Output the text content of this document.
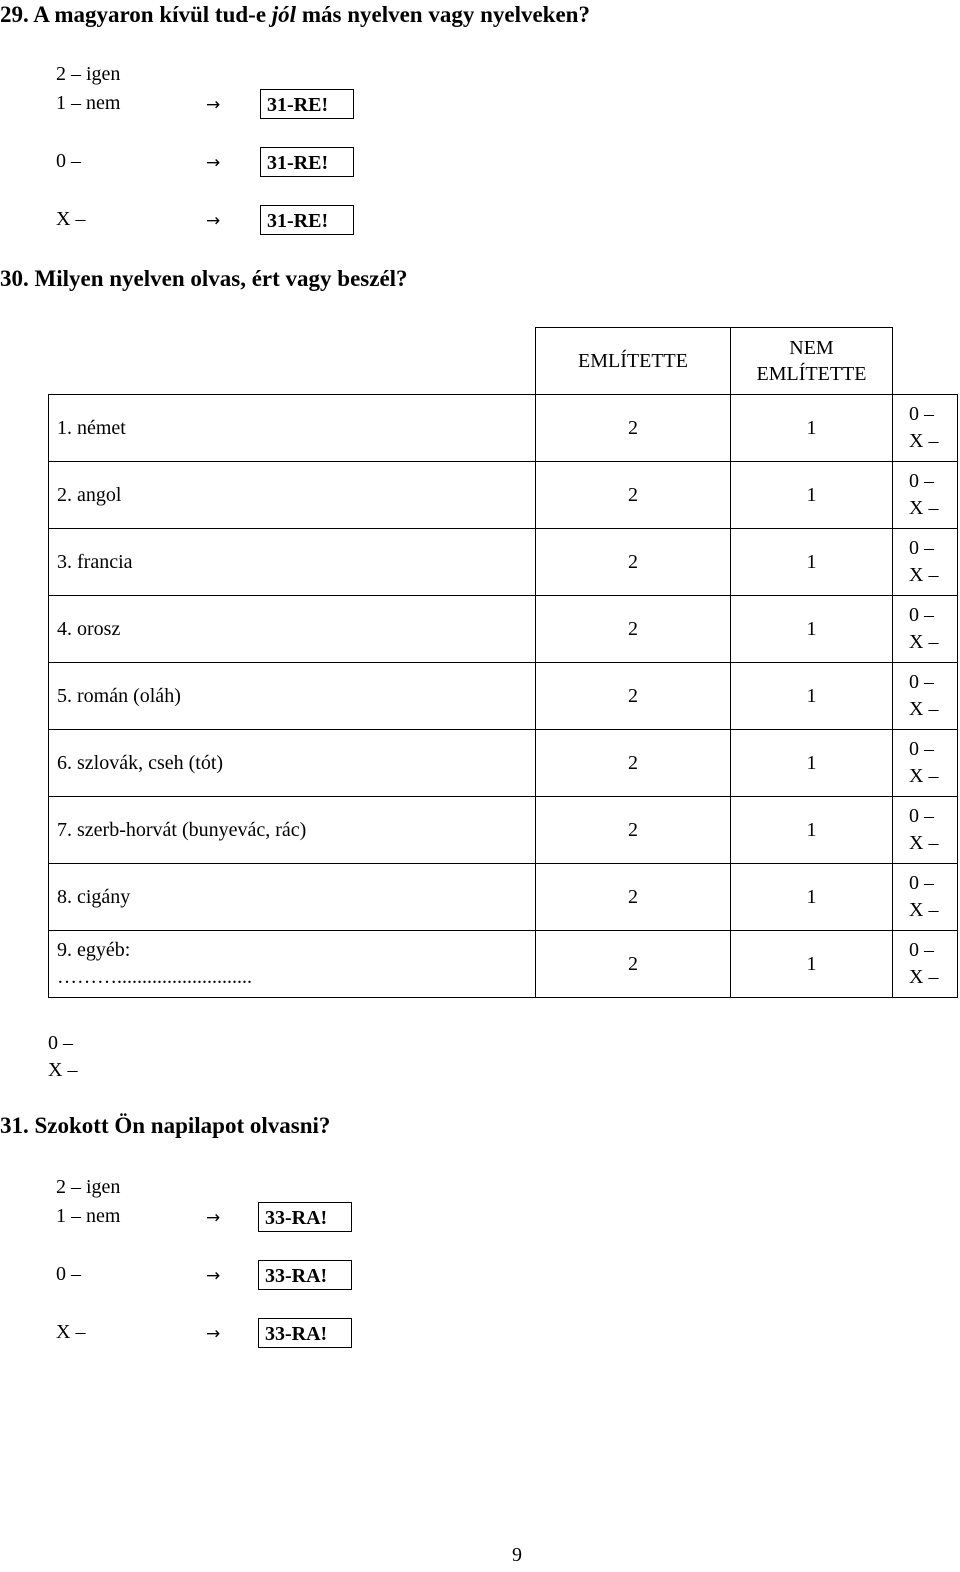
29. A magyaron kívül tud-e jól más nyelven vagy nyelveken?
2 – igen
1 – nem	→	31-RE!
0 –	→	31-RE!
X –	→	31-RE!
30. Milyen nyelven olvas, ért vagy beszél?
	EMLÍTETTE	NEM
EMLÍTETTE	
1. német	2	1	0 –
X –
2. angol	2	1	0 –
X –
3. francia	2	1	0 –
X –
4. orosz	2	1	0 –
X –
5. román (oláh)	2	1	0 –
X –
6. szlovák, cseh (tót)	2	1	0 –
X –
7. szerb-horvát (bunyevác, rác)	2	1	0 –
X –
8. cigány	2	1	0 –
X –
9. egyéb:
………...........................	2	1	0 –
X –
0 –
X –
31. Szokott Ön napilapot olvasni?
2 – igen
1 – nem	→	33-RA!
0 –	→	33-RA!
X –	→	33-RA!
9
